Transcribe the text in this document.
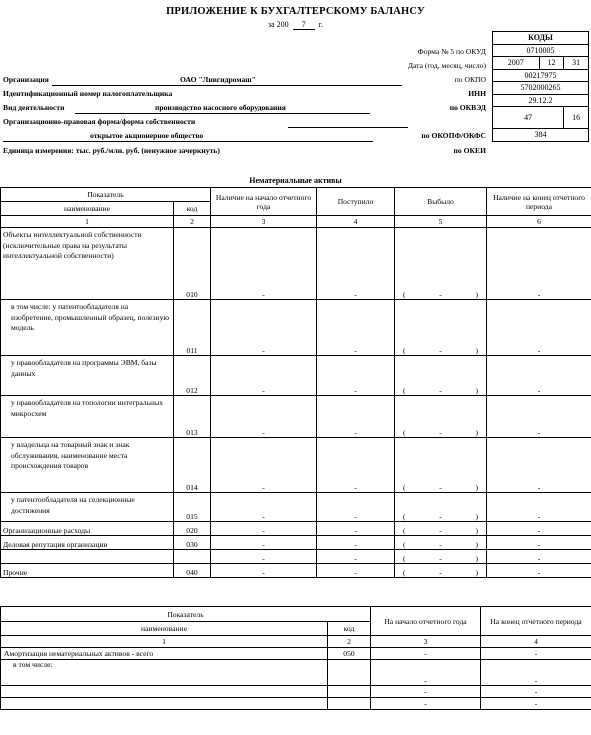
ПРИЛОЖЕНИЕ К БУХГАЛТЕРСКОМУ БАЛАНСУ
за 200 7 г.
КОДЫ		
0710005		
2007	12	31
00217975		
5702000265		
29.12.2		
47		16
384		
Форма № 5 по ОКУД
Дата (год, месяц, число)
Организация	ОАО "Ливгидромаш"	по ОКПО
Идентификационный номер налогоплательщика	ИНН
Вид деятельности	производство насосного оборудования	по ОКВЭД
Организационно-правовая форма/форма собственности
открытое акционерное общество	по ОКОПФ/ОКФС
Единица измерения: тыс. руб./млн. руб. (ненужное зачеркнуть)	по ОКЕИ
Нематериальные активы
Показатель		Наличие на начало отчетного года	Поступило	Выбыло	Наличие на конец отчетного периода
наименование	код				
1	2	3	4	5	6
Объекты интеллектуальной собственности (исключительные права на результаты интеллектуальной собственности)	010	-	-	( - )	-
в том числе: у патентообладателя на изобретение, промышленный образец, полезную модель	011	-	-	( - )	-
у правообладателя на программы ЭВМ, базы данных	012	-	-	( - )	-
у правообладателя на топологии интегральных микросхем	013	-	-	( - )	-
у владельца на товарный знак и знак обслуживания, наименование места происхождения товаров	014	-	-	( - )	-
у патентообладателя на селекционные достижения	015	-	-	( - )	-
Организационные расходы	020	-	-	( - )	-
Деловая репутация организации	030	-	-	( - )	-
		-	-	( - )	-
Прочие	040	-	-	( - )	-
Показатель		На начало отчетного года	На конец отчетного периода
наименование	код		
1	2	3	4
Амортизация нематериальных активов - всего	050	-	-
в том числе:		-	-
		-	-
		-	-
